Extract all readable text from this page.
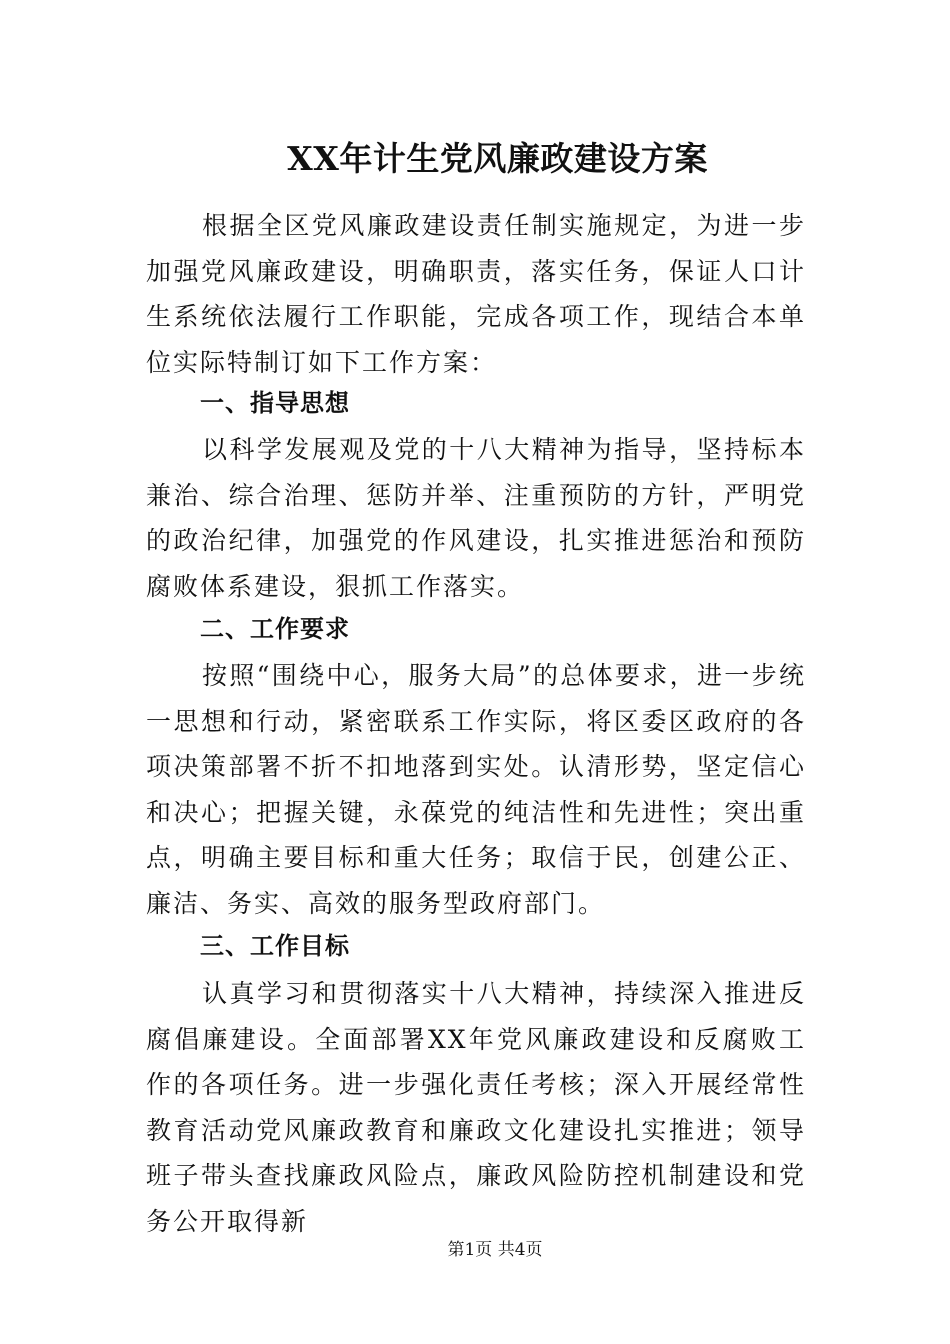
XX年计生党风廉政建设方案

根据全区党风廉政建设责任制实施规定，为进一步加强党风廉政建设，明确职责，落实任务，保证人口计生系统依法履行工作职能，完成各项工作，现结合本单位实际特制订如下工作方案：

一、指导思想

以科学发展观及党的十八大精神为指导，坚持标本兼治、综合治理、惩防并举、注重预防的方针，严明党的政治纪律，加强党的作风建设，扎实推进惩治和预防腐败体系建设，狠抓工作落实。

二、工作要求

按照“围绕中心，服务大局”的总体要求，进一步统一思想和行动，紧密联系工作实际，将区委区政府的各项决策部署不折不扣地落到实处。认清形势，坚定信心和决心；把握关键，永葆党的纯洁性和先进性；突出重点，明确主要目标和重大任务；取信于民，创建公正、廉洁、务实、高效的服务型政府部门。

三、工作目标

认真学习和贯彻落实十八大精神，持续深入推进反腐倡廉建设。全面部署XX年党风廉政建设和反腐败工作的各项任务。进一步强化责任考核；深入开展经常性教育活动党风廉政教育和廉政文化建设扎实推进；领导班子带头查找廉政风险点，廉政风险防控机制建设和党务公开取得新

第1页 共4页
